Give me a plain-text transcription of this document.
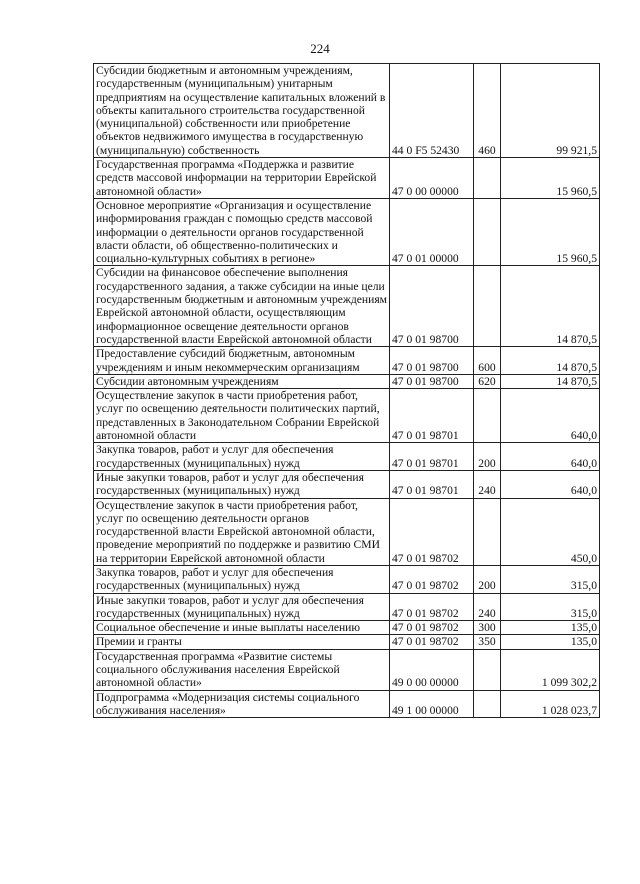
224
Субсидии бюджетным и автономным учреждениям, государственным (муниципальным) унитарным предприятиям на осуществление капитальных вложений в объекты капитального строительства государственной (муниципальной) собственности или приобретение объектов недвижимого имущества в государственную (муниципальную) собственность	44 0 F5 52430	460	99 921,5
Государственная программа «Поддержка и развитие средств массовой информации на территории Еврейской автономной области»	47 0 00 00000		15 960,5
Основное мероприятие «Организация и осуществление информирования граждан с помощью средств массовой информации о деятельности органов государственной власти области, об общественно-политических и социально-культурных событиях в регионе»	47 0 01 00000		15 960,5
Субсидии на финансовое обеспечение выполнения государственного задания, а также субсидии на иные цели государственным бюджетным и автономным учреждениям Еврейской автономной области, осуществляющим информационное освещение деятельности органов государственной власти Еврейской автономной области	47 0 01 98700		14 870,5
Предоставление субсидий бюджетным, автономным учреждениям и иным некоммерческим организациям	47 0 01 98700	600	14 870,5
Субсидии автономным учреждениям	47 0 01 98700	620	14 870,5
Осуществление закупок в части приобретения работ, услуг по освещению деятельности политических партий, представленных в Законодательном Собрании Еврейской автономной области	47 0 01 98701		640,0
Закупка товаров, работ и услуг для обеспечения государственных (муниципальных) нужд	47 0 01 98701	200	640,0
Иные закупки товаров, работ и услуг для обеспечения государственных (муниципальных) нужд	47 0 01 98701	240	640,0
Осуществление закупок в части приобретения работ, услуг по освещению деятельности органов государственной власти Еврейской автономной области, проведение мероприятий по поддержке и развитию СМИ на территории Еврейской автономной области	47 0 01 98702		450,0
Закупка товаров, работ и услуг для обеспечения государственных (муниципальных) нужд	47 0 01 98702	200	315,0
Иные закупки товаров, работ и услуг для обеспечения государственных (муниципальных) нужд	47 0 01 98702	240	315,0
Социальное обеспечение и иные выплаты населению	47 0 01 98702	300	135,0
Премии и гранты	47 0 01 98702	350	135,0
Государственная программа «Развитие системы социального обслуживания населения Еврейской автономной области»	49 0 00 00000		1 099 302,2
Подпрограмма «Модернизация системы социального обслуживания населения»	49 1 00 00000		1 028 023,7
